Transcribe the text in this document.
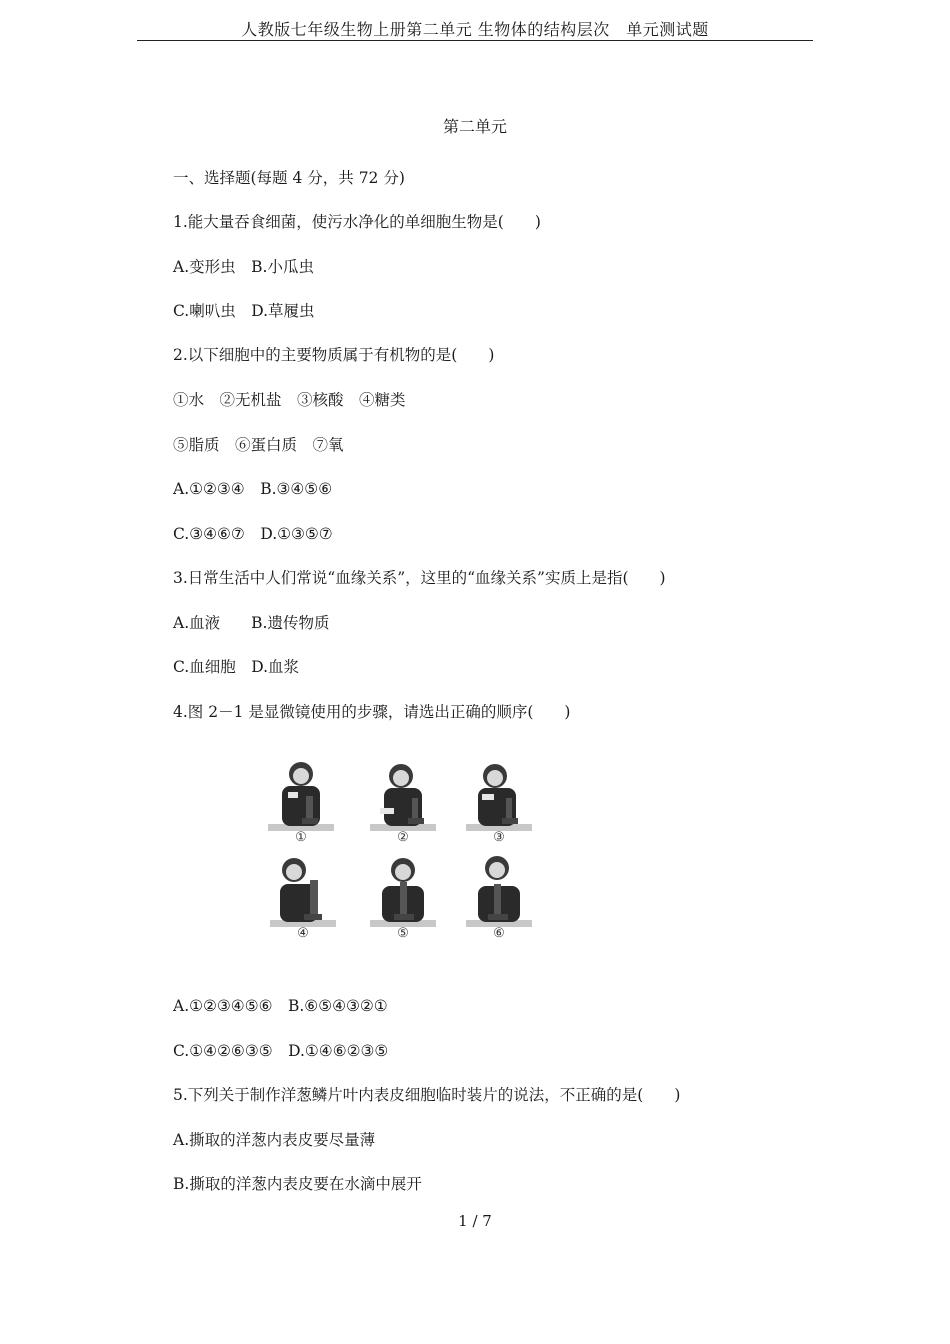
人教版七年级生物上册第二单元 生物体的结构层次　单元测试题
第二单元
一、选择题(每题 4 分，共 72 分)
1.能大量吞食细菌，使污水净化的单细胞生物是(　　)
A.变形虫　B.小瓜虫
C.喇叭虫　D.草履虫
2.以下细胞中的主要物质属于有机物的是(　　)
①水　②无机盐　③核酸　④糖类
⑤脂质　⑥蛋白质　⑦氧
A.①②③④　B.③④⑤⑥
C.③④⑥⑦　D.①③⑤⑦
3.日常生活中人们常说“血缘关系”，这里的“血缘关系”实质上是指(　　)
A.血液　　B.遗传物质
C.血细胞　D.血浆
4.图 2－1 是显微镜使用的步骤，请选出正确的顺序(　　)
①	②	③
④	⑤	⑥
A.①②③④⑤⑥　B.⑥⑤④③②①
C.①④②⑥③⑤　D.①④⑥②③⑤
5.下列关于制作洋葱鳞片叶内表皮细胞临时装片的说法，不正确的是(　　)
A.撕取的洋葱内表皮要尽量薄
B.撕取的洋葱内表皮要在水滴中展开
1 / 7
